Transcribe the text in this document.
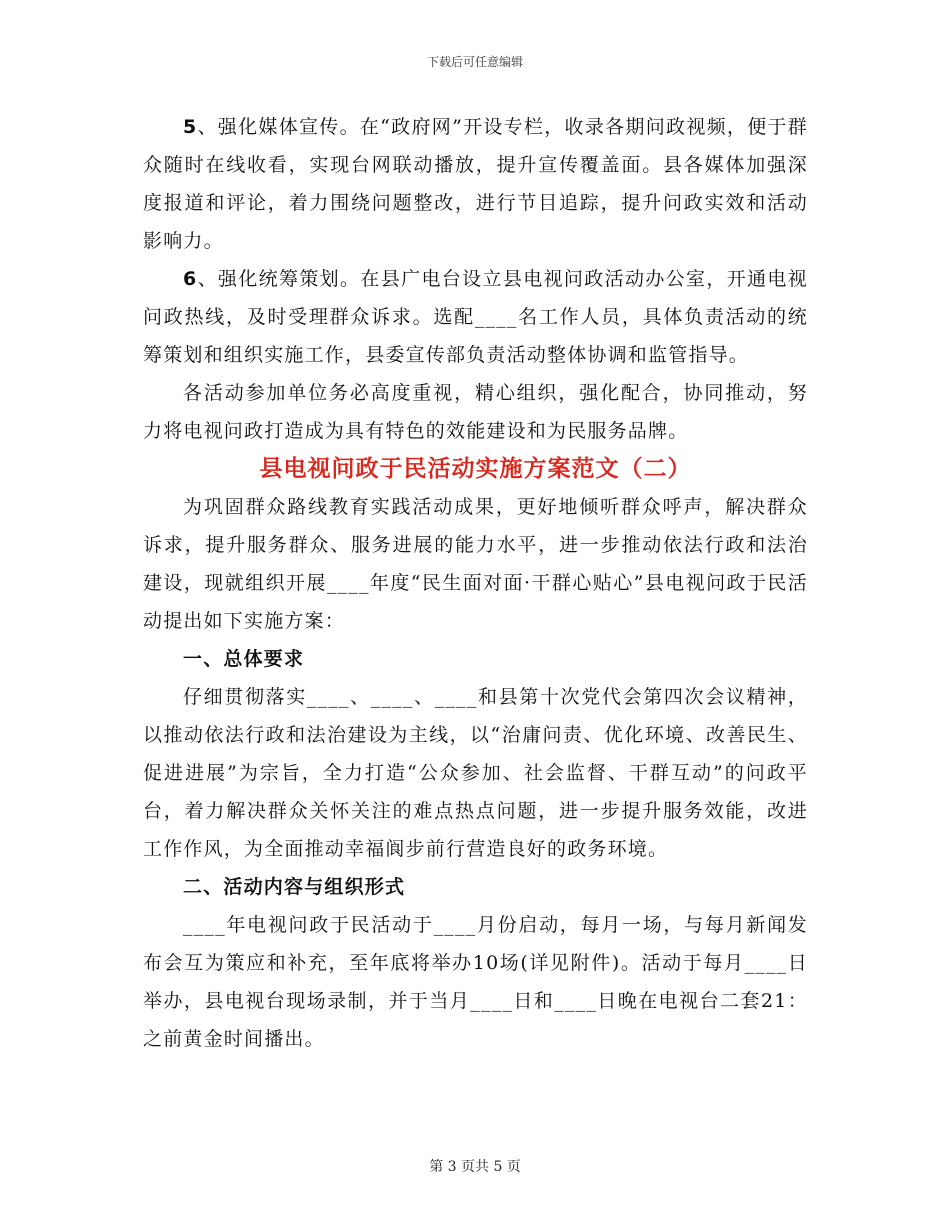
下载后可任意编辑

5、强化媒体宣传。在“政府网”开设专栏，收录各期问政视频，便于群众随时在线收看，实现台网联动播放，提升宣传覆盖面。县各媒体加强深度报道和评论，着力围绕问题整改，进行节目追踪，提升问政实效和活动影响力。

6、强化统筹策划。在县广电台设立县电视问政活动办公室，开通电视问政热线，及时受理群众诉求。选配____名工作人员，具体负责活动的统筹策划和组织实施工作，县委宣传部负责活动整体协调和监管指导。

各活动参加单位务必高度重视，精心组织，强化配合，协同推动，努力将电视问政打造成为具有特色的效能建设和为民服务品牌。

县电视问政于民活动实施方案范文（二）

为巩固群众路线教育实践活动成果，更好地倾听群众呼声，解决群众诉求，提升服务群众、服务进展的能力水平，进一步推动依法行政和法治建设，现就组织开展____年度“民生面对面·干群心贴心”县电视问政于民活动提出如下实施方案：

一、总体要求

仔细贯彻落实____、____、____和县第十次党代会第四次会议精神，以推动依法行政和法治建设为主线，以“治庸问责、优化环境、改善民生、促进进展”为宗旨，全力打造“公众参加、社会监督、干群互动”的问政平台，着力解决群众关怀关注的难点热点问题，进一步提升服务效能，改进工作作风，为全面推动幸福阆步前行营造良好的政务环境。

二、活动内容与组织形式

____年电视问政于民活动于____月份启动，每月一场，与每月新闻发布会互为策应和补充，至年底将举办10场(详见附件)。活动于每月____日举办，县电视台现场录制，并于当月____日和____日晚在电视台二套21：之前黄金时间播出。

第 3 页共 5 页
